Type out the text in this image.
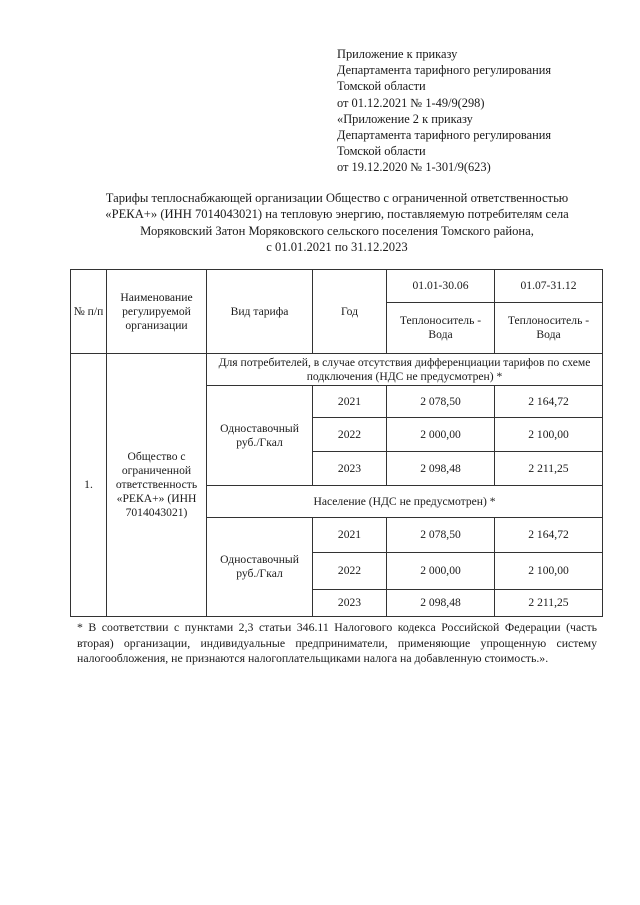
Приложение к приказу
Департамента тарифного регулирования
Томской области
от 01.12.2021 № 1-49/9(298)
«Приложение 2 к приказу
Департамента тарифного регулирования
Томской области
от 19.12.2020 № 1-301/9(623)
Тарифы теплоснабжающей организации Общество с ограниченной ответственностью
«РЕКА+» (ИНН 7014043021) на тепловую энергию, поставляемую потребителям села
Моряковский Затон Моряковского сельского поселения Томского района,
с 01.01.2021 по 31.12.2023
№ п/п	Наименование регулируемой организации	Вид тарифа	Год	01.01-30.06	01.07-31.12
				Теплоноситель - Вода	Теплоноситель - Вода
1.	Общество с ограниченной ответственность «РЕКА+» (ИНН 7014043021)	Для потребителей, в случае отсутствия дифференциации тарифов по схеме подключения (НДС не предусмотрен) *			
		Одноставочный руб./Гкал	2021	2 078,50	2 164,72
			2022	2 000,00	2 100,00
			2023	2 098,48	2 211,25
		Население (НДС не предусмотрен) *			
		Одноставочный руб./Гкал	2021	2 078,50	2 164,72
			2022	2 000,00	2 100,00
			2023	2 098,48	2 211,25
* В соответствии с пунктами 2,3 статьи 346.11 Налогового кодекса Российской Федерации (часть вторая) организации, индивидуальные предприниматели, применяющие упрощенную систему налогообложения, не признаются налогоплательщиками налога на добавленную стоимость.».
